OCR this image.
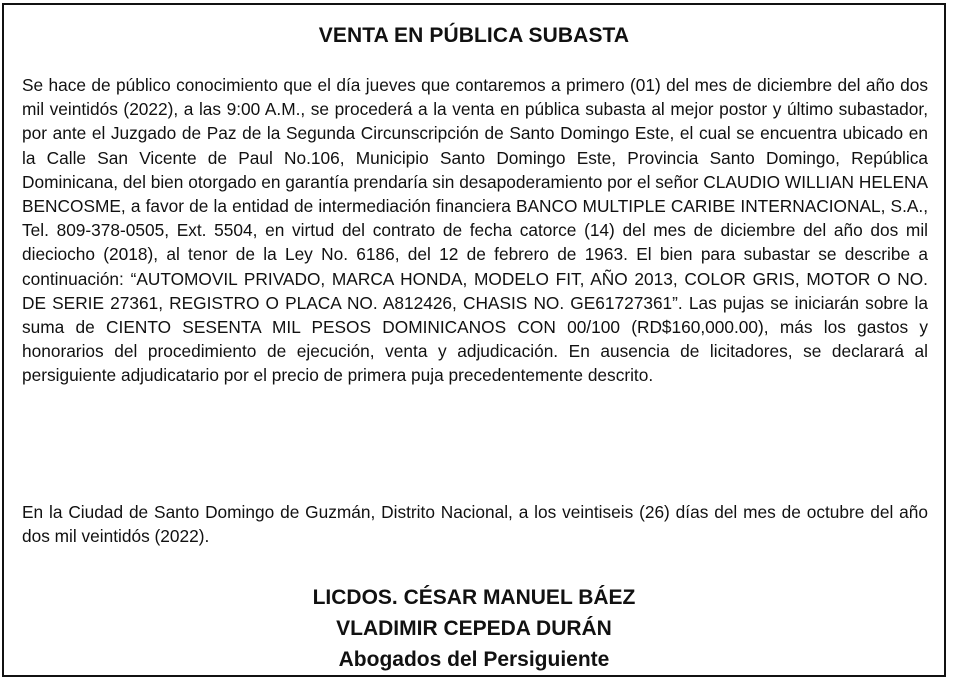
VENTA EN PÚBLICA SUBASTA

Se hace de público conocimiento que el día jueves que contaremos a primero (01) del mes de diciembre del año dos mil veintidós (2022), a las 9:00 A.M., se procederá a la venta en pública subasta al mejor postor y último subastador, por ante el Juzgado de Paz de la Segunda Circunscripción de Santo Domingo Este, el cual se encuentra ubicado en la Calle San Vicente de Paul No.106, Municipio Santo Domingo Este, Provincia Santo Domingo, República Dominicana, del bien otorgado en garantía prendaría sin desapoderamiento por el señor CLAUDIO WILLIAN HELENA BENCOSME, a favor de la entidad de intermediación financiera BANCO MULTIPLE CARIBE INTERNACIONAL, S.A., Tel. 809-378-0505, Ext. 5504, en virtud del contrato de fecha catorce (14) del mes de diciembre del año dos mil dieciocho (2018), al tenor de la Ley No. 6186, del 12 de febrero de 1963. El bien para subastar se describe a continuación: “AUTOMOVIL PRIVADO, MARCA HONDA, MODELO FIT, AÑO 2013, COLOR GRIS, MOTOR O NO. DE SERIE 27361, REGISTRO O PLACA NO. A812426, CHASIS NO. GE61727361”. Las pujas se iniciarán sobre la suma de CIENTO SESENTA MIL PESOS DOMINICANOS CON 00/100 (RD$160,000.00), más los gastos y honorarios del procedimiento de ejecución, venta y adjudicación. En ausencia de licitadores, se declarará al persiguiente adjudicatario por el precio de primera puja precedentemente descrito.

En la Ciudad de Santo Domingo de Guzmán, Distrito Nacional, a los veintiseis (26) días del mes de octubre del año dos mil veintidós (2022).

LICDOS. CÉSAR MANUEL BÁEZ
VLADIMIR CEPEDA DURÁN
Abogados del Persiguiente
